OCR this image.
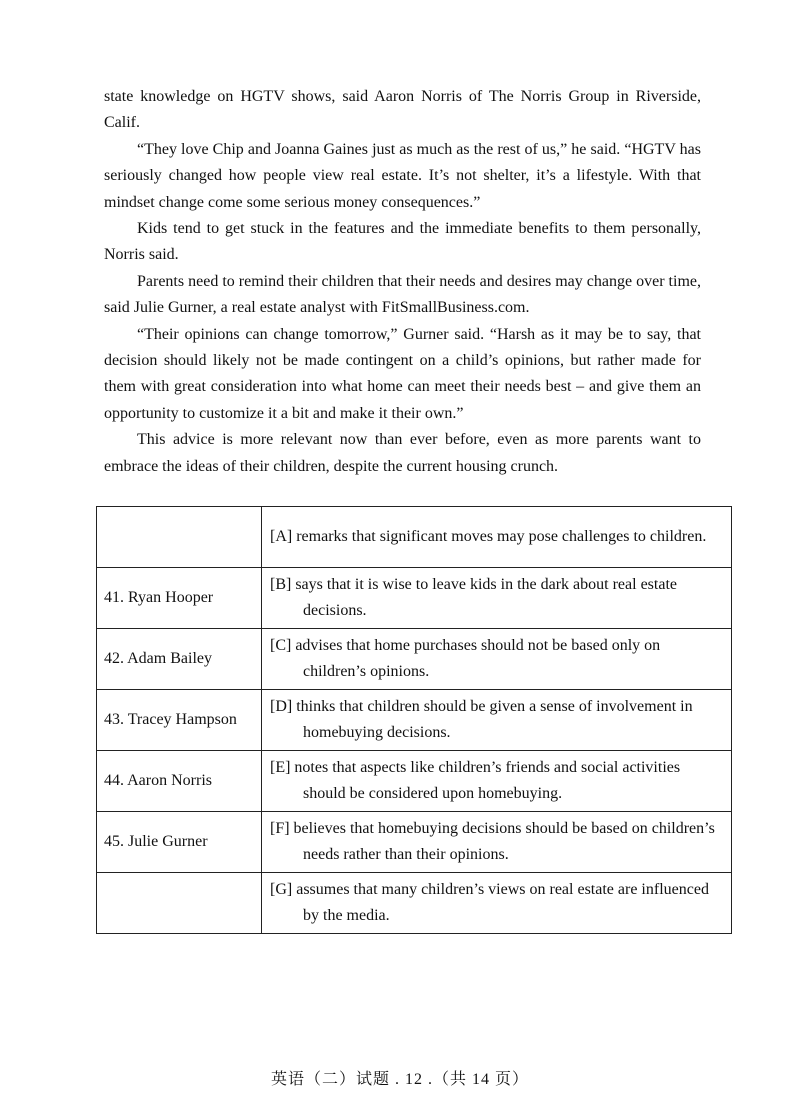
state knowledge on HGTV shows, said Aaron Norris of The Norris Group in Riverside, Calif.

“They love Chip and Joanna Gaines just as much as the rest of us,” he said. “HGTV has seriously changed how people view real estate. It’s not shelter, it’s a lifestyle. With that mindset change come some serious money consequences.”

Kids tend to get stuck in the features and the immediate benefits to them personally, Norris said.

Parents need to remind their children that their needs and desires may change over time, said Julie Gurner, a real estate analyst with FitSmallBusiness.com.

“Their opinions can change tomorrow,” Gurner said. “Harsh as it may be to say, that decision should likely not be made contingent on a child’s opinions, but rather made for them with great consideration into what home can meet their needs best – and give them an opportunity to customize it a bit and make it their own.”

This advice is more relevant now than ever before, even as more parents want to embrace the ideas of their children, despite the current housing crunch.

	[A] remarks that significant moves may pose challenges to children.

41. Ryan Hooper	[B] says that it is wise to leave kids in the dark about real estate decisions.

42. Adam Bailey	[C] advises that home purchases should not be based only on children’s opinions.

43. Tracey Hampson	[D] thinks that children should be given a sense of involvement in homebuying decisions.

44. Aaron Norris	[E] notes that aspects like children’s friends and social activities should be considered upon homebuying.

45. Julie Gurner	[F] believes that homebuying decisions should be based on children’s needs rather than their opinions.

	[G] assumes that many children’s views on real estate are influenced by the media.
英语（二）试题 . 12 .（共 14 页）
